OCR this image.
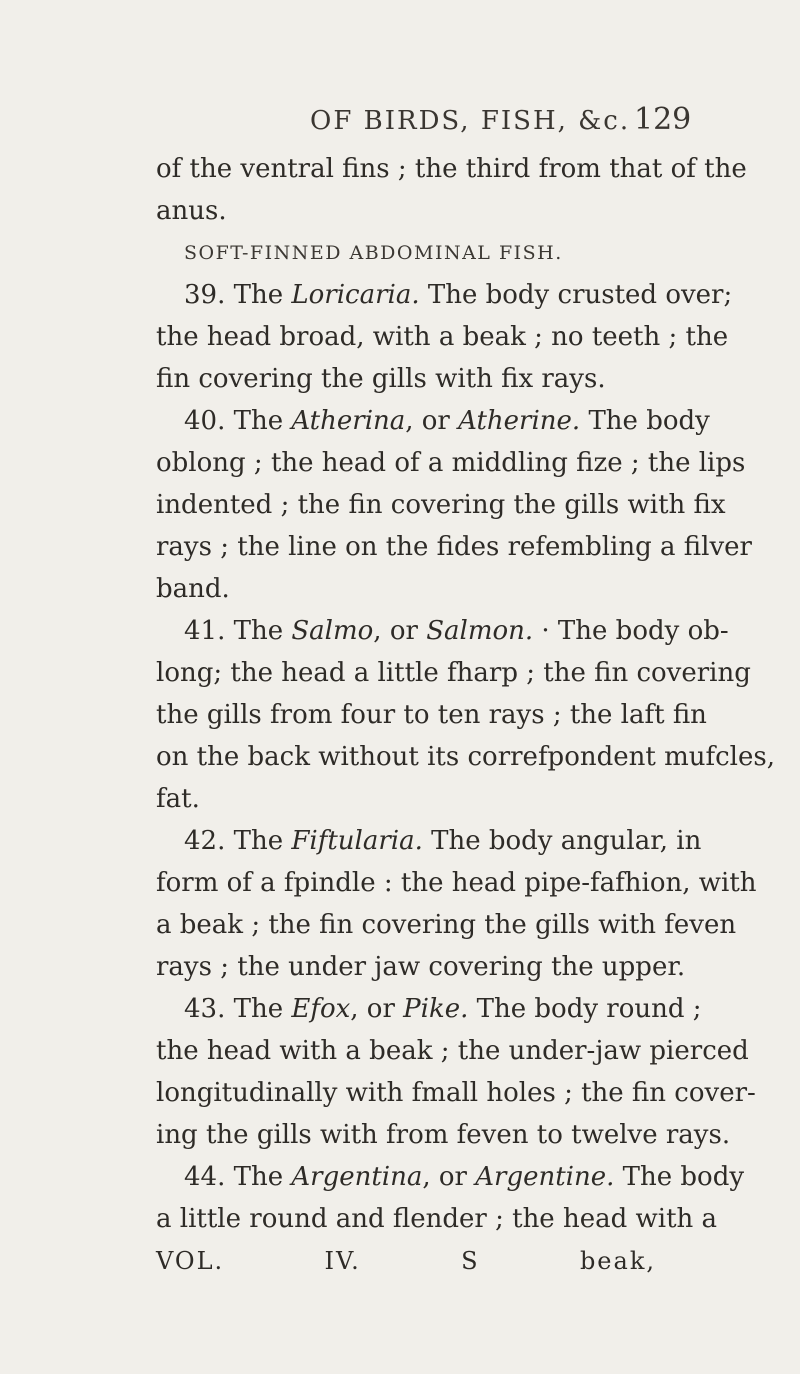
OF BIRDS, FISH, &c. 129
of the ventral fins ; the third from that of the
anus.
SOFT-FINNED ABDOMINAL FISH.
39. The Loricaria. The body crusted over;
the head broad, with a beak ; no teeth ; the
fin covering the gills with fix rays.
40. The Atherina, or Atherine. The body
oblong ; the head of a middling fize ; the lips
indented ; the fin covering the gills with fix
rays ; the line on the fides refembling a filver
band.
41. The Salmo, or Salmon. · The body ob-
long; the head a little fharp ; the fin covering
the gills from four to ten rays ; the laft fin
on the back without its correfpondent mufcles,
fat.
42. The Fiftularia. The body angular, in
form of a fpindle : the head pipe-fafhion, with
a beak ; the fin covering the gills with feven
rays ; the under jaw covering the upper.
43. The Efox, or Pike. The body round ;
the head with a beak ; the under-jaw pierced
longitudinally with fmall holes ; the fin cover-
ing the gills with from feven to twelve rays.
44. The Argentina, or Argentine. The body
a little round and flender ; the head with a
VOL. IV.	S	beak,
